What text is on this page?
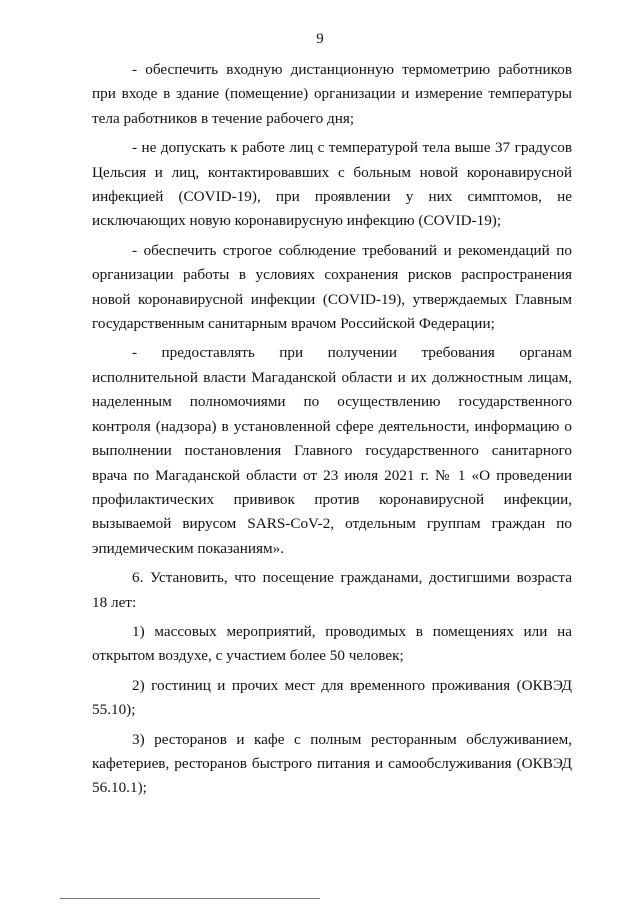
9

- обеспечить входную дистанционную термометрию работников при входе в здание (помещение) организации и измерение температуры тела работников в течение рабочего дня;

- не допускать к работе лиц с температурой тела выше 37 градусов Цельсия и лиц, контактировавших с больным новой коронавирусной инфекцией (COVID-19), при проявлении у них симптомов, не исключающих новую коронавирусную инфекцию (COVID-19);

- обеспечить строгое соблюдение требований и рекомендаций по организации работы в условиях сохранения рисков распространения новой коронавирусной инфекции (COVID-19), утверждаемых Главным государственным санитарным врачом Российской Федерации;

- предоставлять при получении требования органам исполнительной власти Магаданской области и их должностным лицам, наделенным полномочиями по осуществлению государственного контроля (надзора) в установленной сфере деятельности, информацию о выполнении постановления Главного государственного санитарного врача по Магаданской области от 23 июля 2021 г. № 1 «О проведении профилактических прививок против коронавирусной инфекции, вызываемой вирусом SARS-CoV-2, отдельным группам граждан по эпидемическим показаниям».

6. Установить, что посещение гражданами, достигшими возраста 18 лет:

1) массовых мероприятий, проводимых в помещениях или на открытом воздухе, с участием более 50 человек;

2) гостиниц и прочих мест для временного проживания (ОКВЭД 55.10);

3) ресторанов и кафе с полным ресторанным обслуживанием, кафетериев, ресторанов быстрого питания и самообслуживания (ОКВЭД 56.10.1);
